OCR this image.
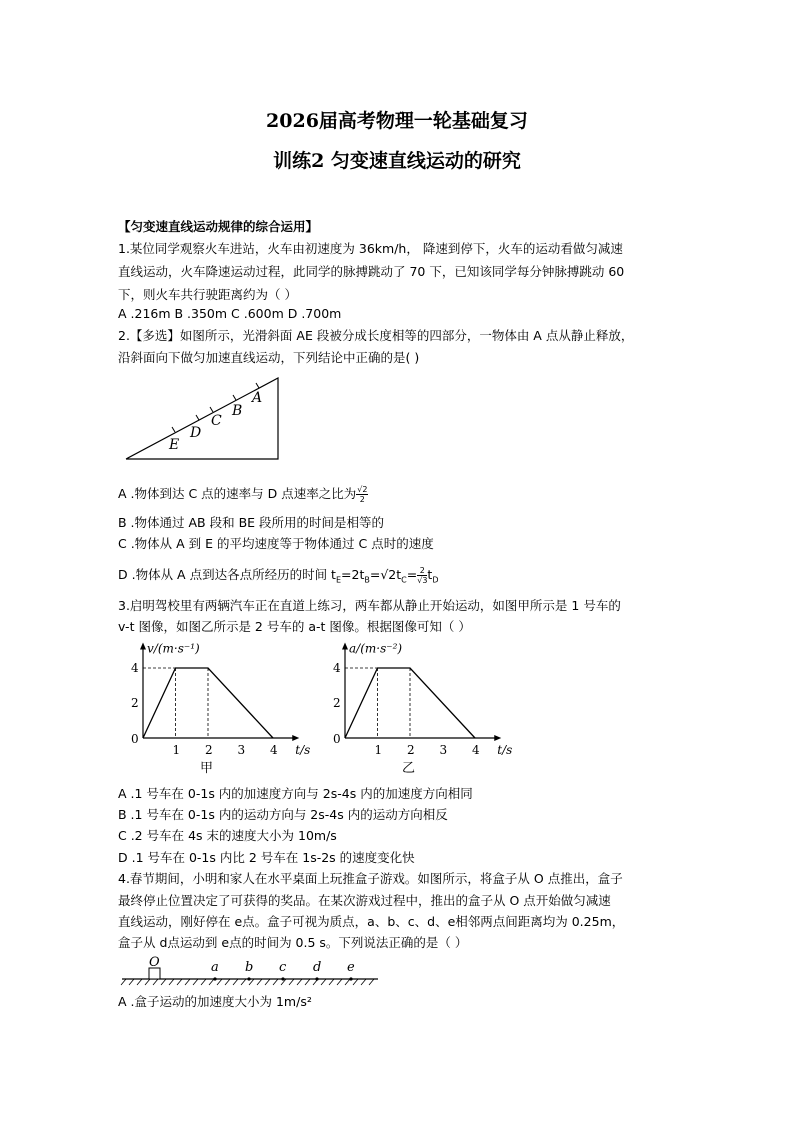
2026届高考物理一轮基础复习
训练2 匀变速直线运动的研究
【匀变速直线运动规律的综合运用】
1.某位同学观察火车进站，火车由初速度为 36km/h， 降速到停下，火车的运动看做匀减速
直线运动，火车降速运动过程，此同学的脉搏跳动了 70 下，已知该同学每分钟脉搏跳动 60
下，则火车共行驶距离约为（ ）
A .216m B .350m C .600m D .700m
2.【多选】如图所示，光滑斜面 AE 段被分成长度相等的四部分，一物体由 A 点从静止释放，
沿斜面向下做匀加速直线运动，下列结论中正确的是( )
A
B
C
D
E
A .物体到达 C 点的速率与 D 点速率之比为 $\frac{√2}{2}$
B .物体通过 AB 段和 BE 段所用的时间是相等的
C .物体从 A 到 E 的平均速度等于物体通过 C 点时的速度
D .物体从 A 点到达各点所经历的时间 $t_E=2t_B=√2t_C= \frac{2}{√3} t_D$
3.启明驾校里有两辆汽车正在直道上练习，两车都从静止开始运动，如图甲所示是 1 号车的
v-t 图像，如图乙所示是 2 号车的 a-t 图像。根据图像可知（ ）
0
1 2 3 4
2
4
t/s
v/(m·s⁻¹)
甲
0
1 2 3 4
2
4
t/s
a/(m·s⁻²)
乙
A .1 号车在 0-1s 内的加速度方向与 2s-4s 内的加速度方向相同
B .1 号车在 0-1s 内的运动方向与 2s-4s 内的运动方向相反
C .2 号车在 4s 末的速度大小为 10m/s
D .1 号车在 0-1s 内比 2 号车在 1s-2s 的速度变化快
4.春节期间，小明和家人在水平桌面上玩推盒子游戏。如图所示，将盒子从 O 点推出，盒子
最终停止位置决定了可获得的奖品。在某次游戏过程中，推出的盒子从 O 点开始做匀减速
直线运动，刚好停在 e点。盒子可视为质点，a、b、c、d、e相邻两点间距离均为 0.25m，
盒子从 d点运动到 e点的时间为 0.5 s。下列说法正确的是（ ）
O	a b c d e
A .盒子运动的加速度大小为 1m/s²
